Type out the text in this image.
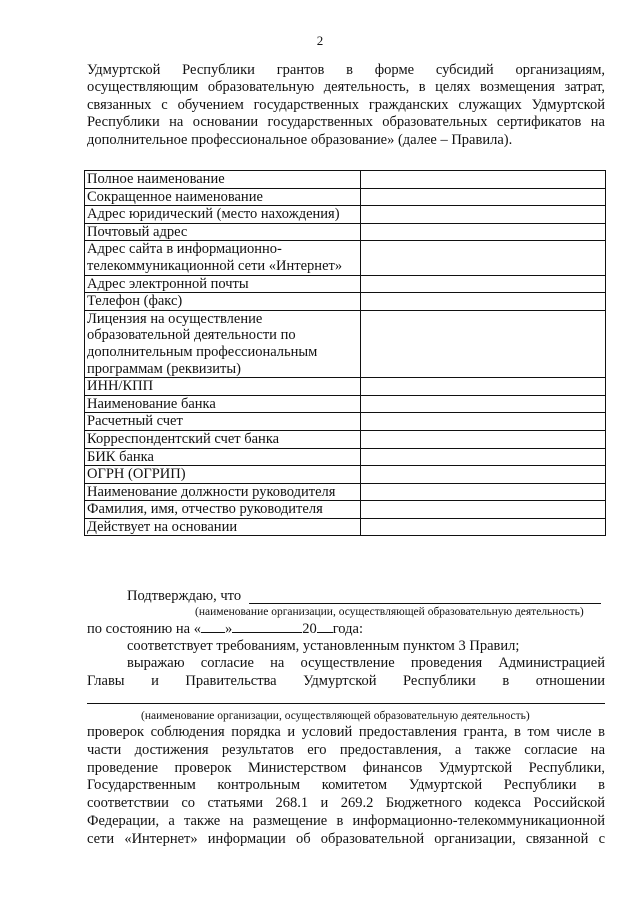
2
Удмуртской Республики грантов в форме субсидий организациям,
осуществляющим образовательную деятельность, в целях возмещения затрат,
связанных с обучением государственных гражданских служащих Удмуртской
Республики на основании государственных образовательных сертификатов на
дополнительное профессиональное образование» (далее – Правила).
Полное наименование	
Сокращенное наименование	
Адрес юридический (место нахождения)	
Почтовый адрес	
Адрес сайта в информационно-телекоммуникационной сети «Интернет»	
Адрес электронной почты	
Телефон (факс)	
Лицензия на осуществление образовательной деятельности по дополнительным профессиональным программам (реквизиты)	
ИНН/КПП	
Наименование банка	
Расчетный счет	
Корреспондентский счет банка	
БИК банка	
ОГРН (ОГРИП)	
Наименование должности руководителя	
Фамилия, имя, отчество руководителя	
Действует на основании	
Подтверждаю, что
(наименование организации, осуществляющей образовательную деятельность)
по состоянию на « »	20 года:
соответствует требованиям, установленным пунктом 3 Правил;
выражаю согласие на осуществление проведения Администрацией
Главы и Правительства Удмуртской Республики в отношении
(наименование организации, осуществляющей образовательную деятельность)
проверок соблюдения порядка и условий предоставления гранта, в том числе в
части достижения результатов его предоставления, а также согласие на
проведение проверок Министерством финансов Удмуртской Республики,
Государственным контрольным комитетом Удмуртской Республики в
соответствии со статьями 268.1 и 269.2 Бюджетного кодекса Российской
Федерации, а также на размещение в информационно-телекоммуникационной
сети «Интернет» информации об образовательной организации, связанной с
